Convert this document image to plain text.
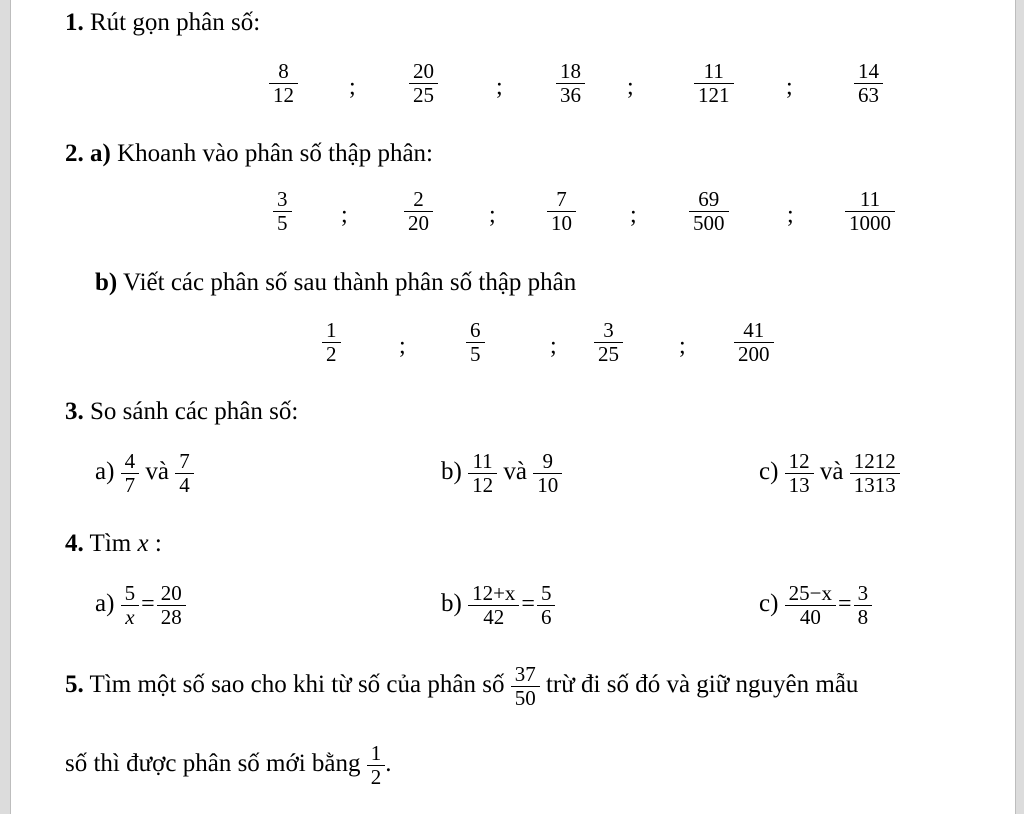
1. Rút gọn phân số:
$\frac{8}{12}$ ;	$\frac{20}{25}$ ;	$\frac{18}{36}$ ;	$\frac{11}{121}$ ;	$\frac{14}{63}$
2. a) Khoanh vào phân số thập phân:
$\frac{3}{5}$ ;	$\frac{2}{20}$ ; $\frac{7}{10}$ ; $\frac{69}{500}$ ; $\frac{11}{1000}$
b) Viết các phân số sau thành phân số thập phân
$\frac{1}{2}$ ;	$\frac{6}{5}$	; $\frac{3}{25}$ ; $\frac{41}{200}$
3. So sánh các phân số:
$a) \frac{4}{7}$ và $\frac{7}{4}$	$b) \frac{11}{12}$ và $\frac{9}{10}$	$c) \frac{12}{13}$ và $\frac{1212}{1313}$
4. Tìm x :
$a) \frac{5}{x} = \frac{20}{28}$	$b) \frac{12+x}{42} = \frac{5}{6}$	$c) \frac{25-x}{40} = \frac{3}{8}$
5. Tìm một số sao cho khi từ số của phân số $\frac{37}{50}$ trừ đi số đó và giữ nguyên mẫu
số thì được phân số mới bằng $\frac{1}{2}$ .
